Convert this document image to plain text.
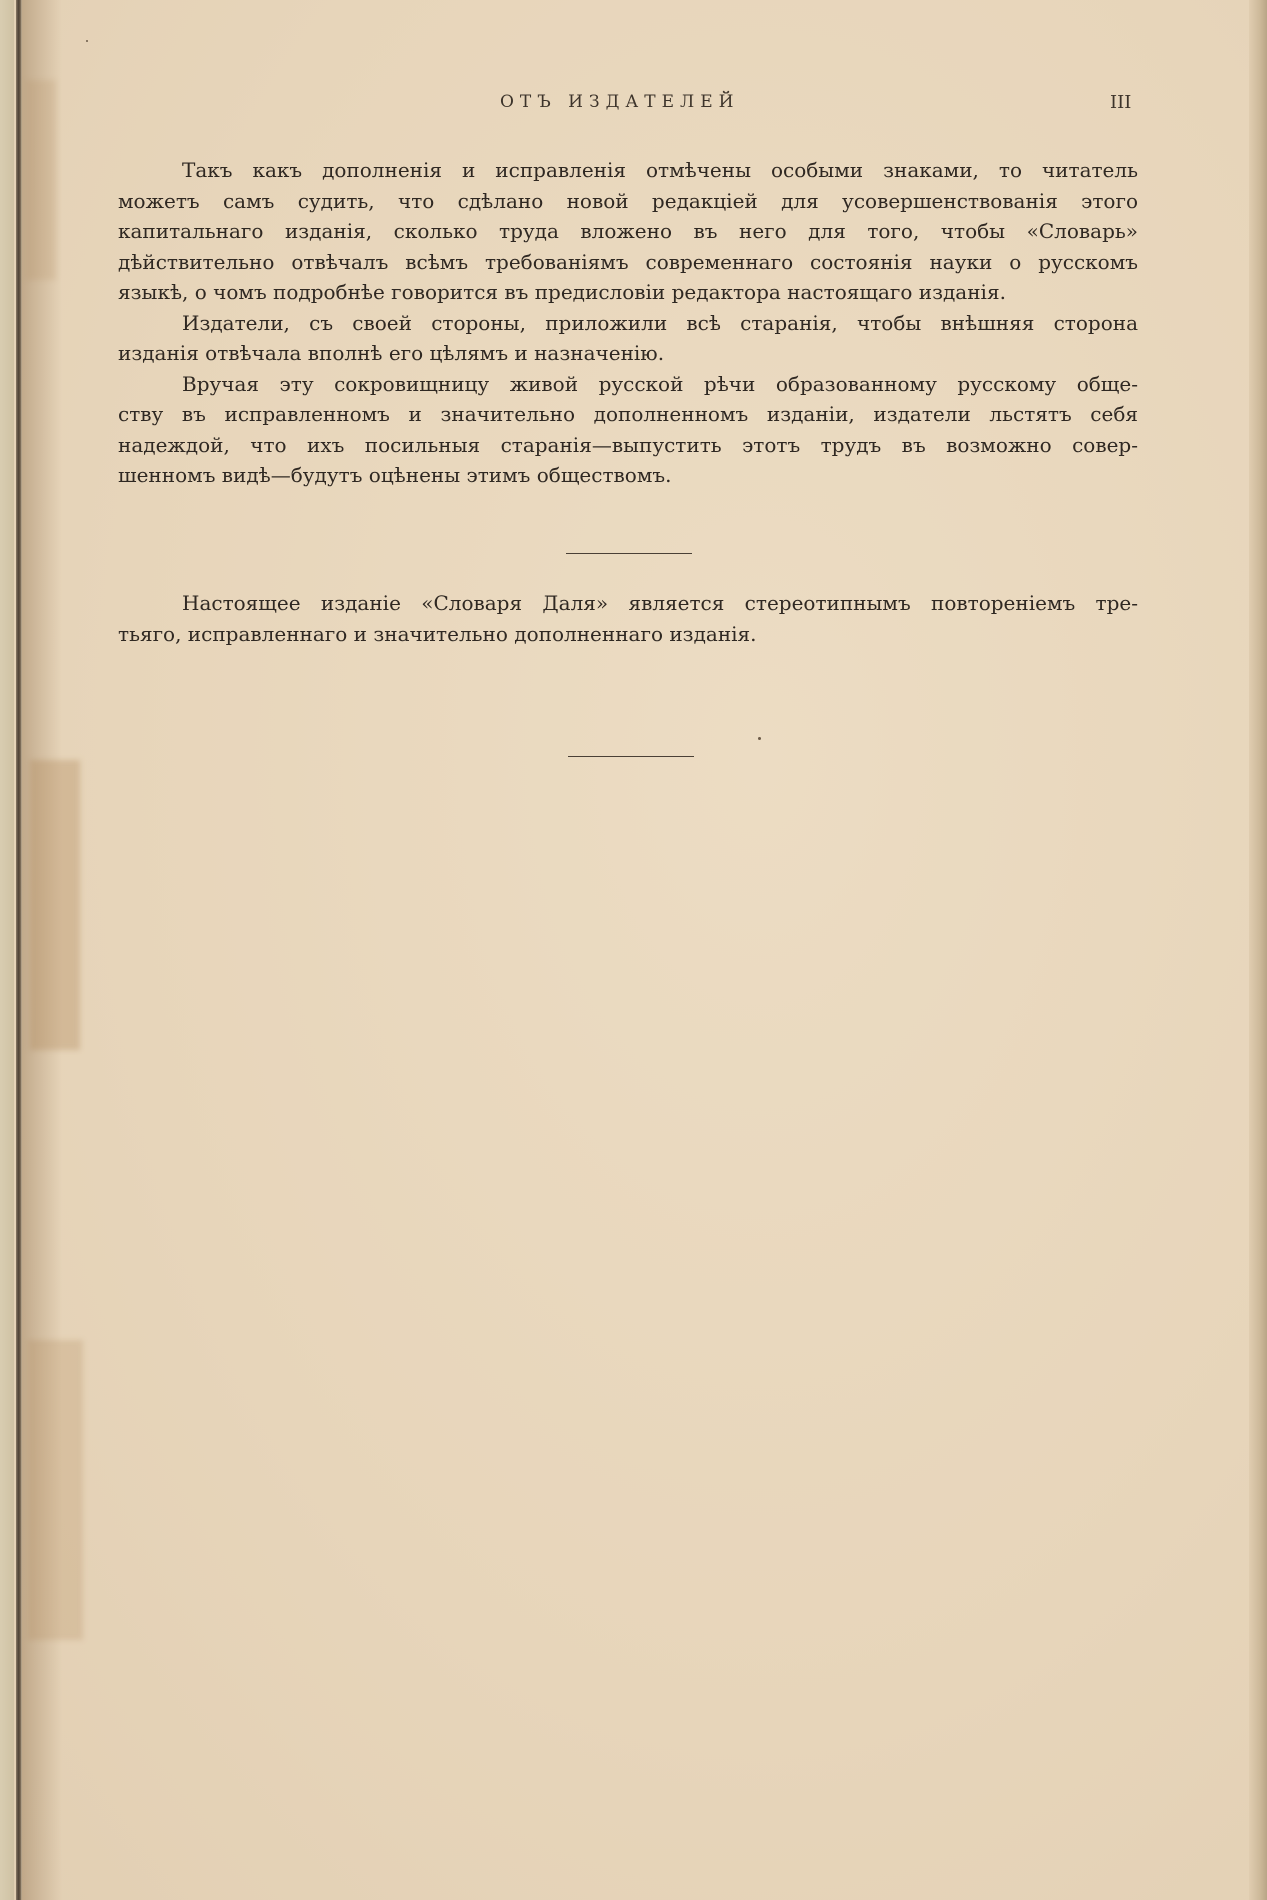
ОТЪ ИЗДАТЕЛЕЙ	III
Такъ какъ дополненія и исправленія отмѣчены особыми знаками, то читатель
можетъ самъ судить, что сдѣлано новой редакціей для усовершенствованія этого
капитальнаго изданія, сколько труда вложено въ него для того, чтобы «Словарь»
дѣйствительно отвѣчалъ всѣмъ требованіямъ современнаго состоянія науки о русскомъ
языкѣ, о чомъ подробнѣе говорится въ предисловіи редактора настоящаго изданія.
Издатели, съ своей стороны, приложили всѣ старанія, чтобы внѣшняя сторона
изданія отвѣчала вполнѣ его цѣлямъ и назначенію.
Вручая эту сокровищницу живой русской рѣчи образованному русскому обще-
ству въ исправленномъ и значительно дополненномъ изданіи, издатели льстятъ себя
надеждой, что ихъ посильныя старанія—выпустить этотъ трудъ въ возможно совер-
шенномъ видѣ—будутъ оцѣнены этимъ обществомъ.
Настоящее изданіе «Словаря Даля» является стереотипнымъ повтореніемъ тре-
тьяго, исправленнаго и значительно дополненнаго изданія.
